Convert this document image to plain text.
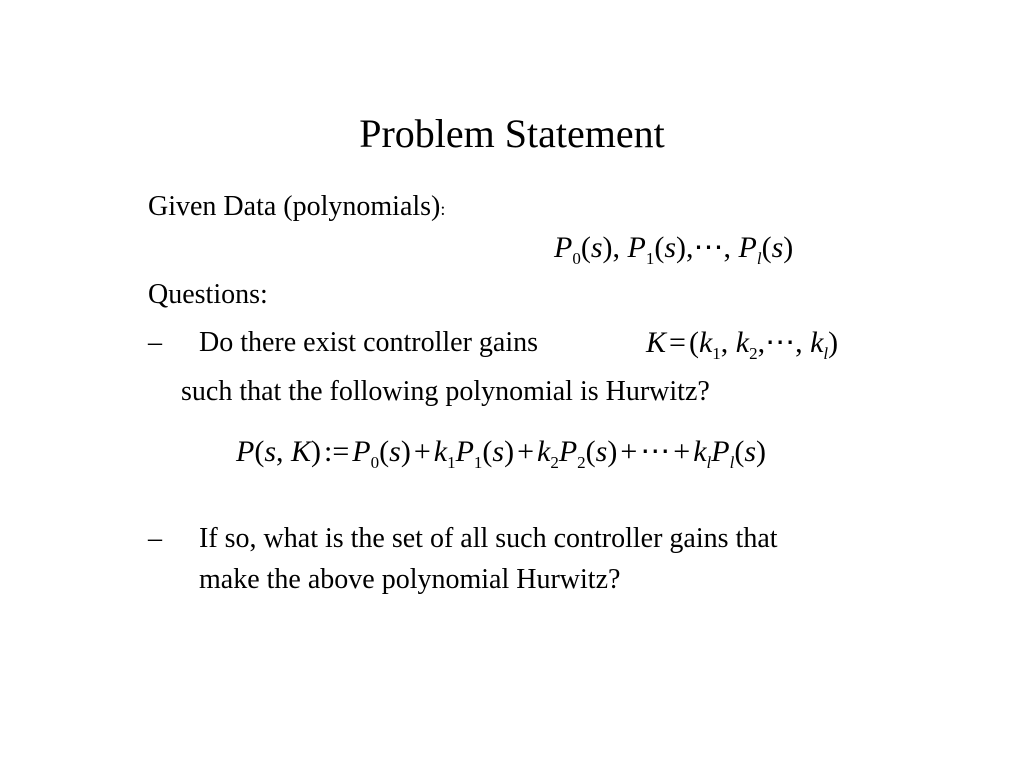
Problem Statement
Given Data (polynomials):
$P_0(s)$, $P_1(s),\cdots$, $P_l(s)$
Questions:
– Do there exist controller gains	$K = (k_1$, $k_2,\cdots$, $k_l$)
such that the following polynomial is Hurwitz?
P(s, K) := $P_0(s) + k_1P_1(s) + k_2P_2(s)$ + ⋯ + $k_lP_l(s)$
– If so, what is the set of all such controller gains that
make the above polynomial Hurwitz?
